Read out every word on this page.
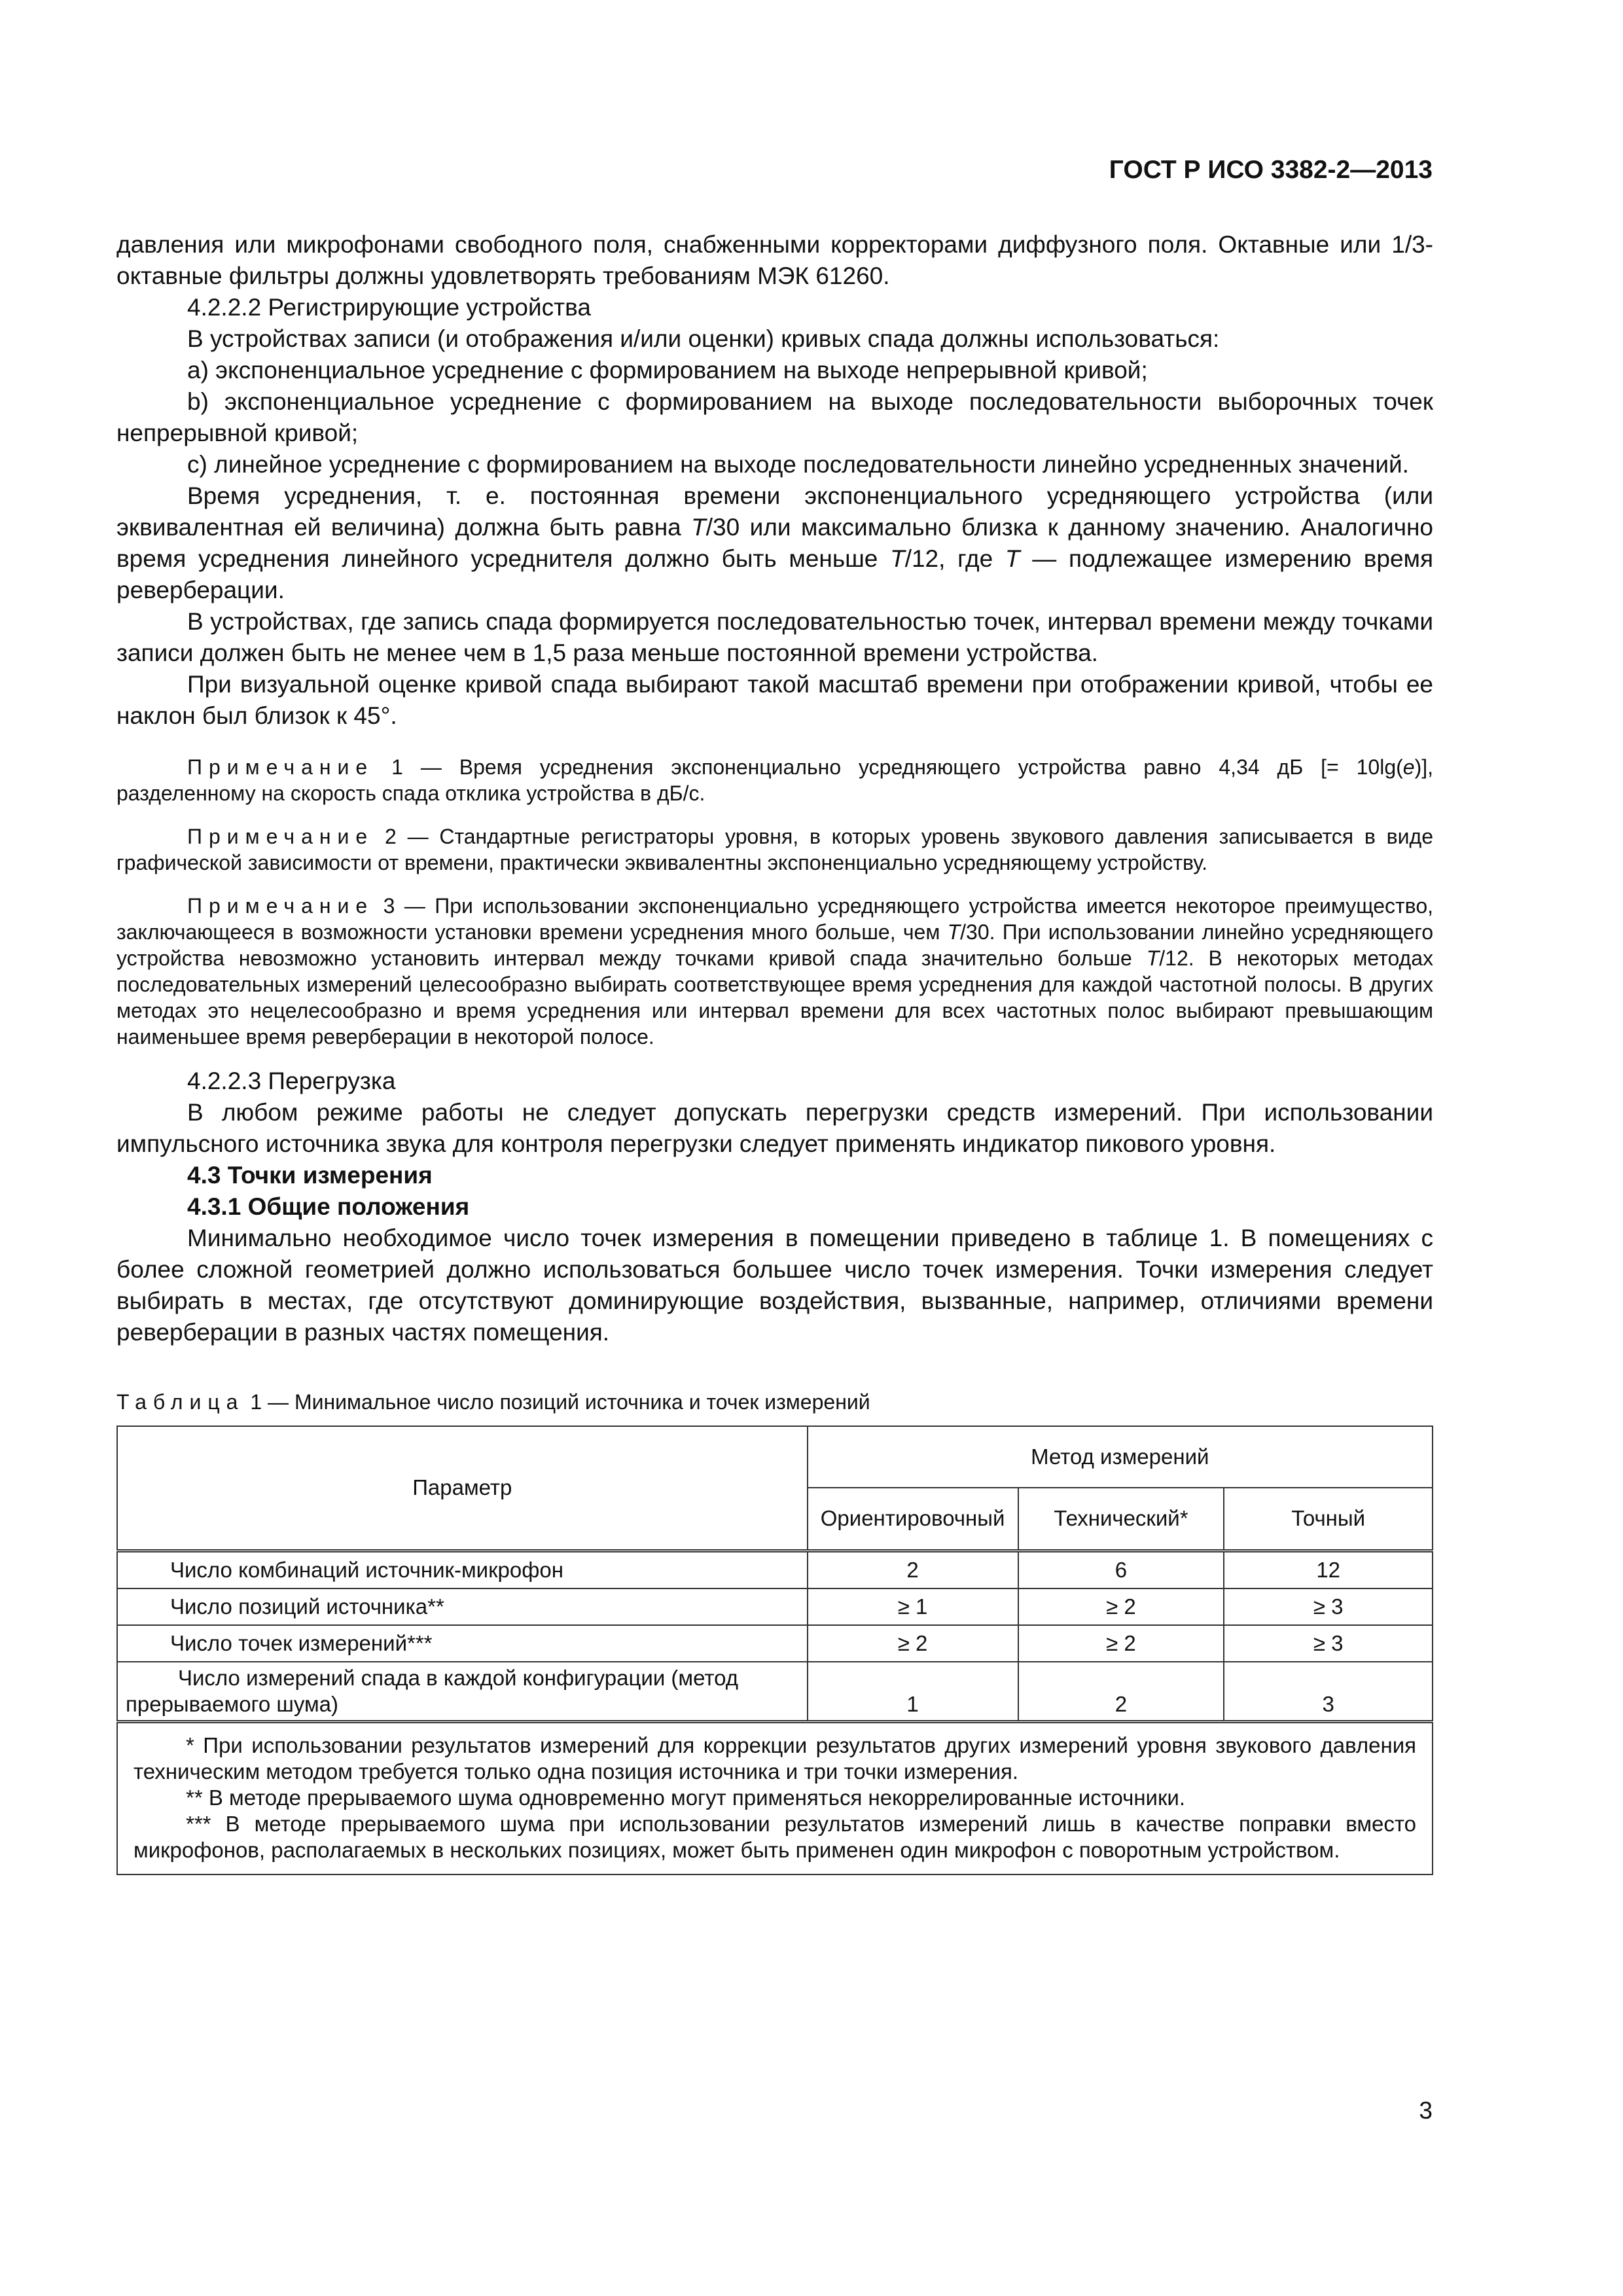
ГОСТ Р ИСО 3382-2—2013

давления или микрофонами свободного поля, снабженными корректорами диффузного поля. Октавные или 1/3-октавные фильтры должны удовлетворять требованиям МЭК 61260.

4.2.2.2 Регистрирующие устройства

В устройствах записи (и отображения и/или оценки) кривых спада должны использоваться:

a) экспоненциальное усреднение с формированием на выходе непрерывной кривой;

b) экспоненциальное усреднение с формированием на выходе последовательности выборочных точек непрерывной кривой;

c) линейное усреднение с формированием на выходе последовательности линейно усредненных значений.

Время усреднения, т. е. постоянная времени экспоненциального усредняющего устройства (или эквивалентная ей величина) должна быть равна T/30 или максимально близка к данному значению. Аналогично время усреднения линейного усреднителя должно быть меньше T/12, где T — подлежащее измерению время реверберации.

В устройствах, где запись спада формируется последовательностью точек, интервал времени между точками записи должен быть не менее чем в 1,5 раза меньше постоянной времени устройства.

При визуальной оценке кривой спада выбирают такой масштаб времени при отображении кривой, чтобы ее наклон был близок к 45°.

Примечание 1 — Время усреднения экспоненциально усредняющего устройства равно 4,34 дБ [= 10lg(e)], разделенному на скорость спада отклика устройства в дБ/с.

Примечание 2 — Стандартные регистраторы уровня, в которых уровень звукового давления записывается в виде графической зависимости от времени, практически эквивалентны экспоненциально усредняющему устройству.

Примечание 3 — При использовании экспоненциально усредняющего устройства имеется некоторое преимущество, заключающееся в возможности установки времени усреднения много больше, чем T/30. При использовании линейно усредняющего устройства невозможно установить интервал между точками кривой спада значительно больше T/12. В некоторых методах последовательных измерений целесообразно выбирать соответствующее время усреднения для каждой частотной полосы. В других методах это нецелесообразно и время усреднения или интервал времени для всех частотных полос выбирают превышающим наименьшее время реверберации в некоторой полосе.

4.2.2.3 Перегрузка

В любом режиме работы не следует допускать перегрузки средств измерений. При использовании импульсного источника звука для контроля перегрузки следует применять индикатор пикового уровня.

4.3 Точки измерения

4.3.1 Общие положения

Минимально необходимое число точек измерения в помещении приведено в таблице 1. В помещениях с более сложной геометрией должно использоваться большее число точек измерения. Точки измерения следует выбирать в местах, где отсутствуют доминирующие воздействия, вызванные, например, отличиями времени реверберации в разных частях помещения.

Таблица 1 — Минимальное число позиций источника и точек измерений

Параметр	Метод измерений		
	Ориентировочный	Технический*	Точный
Число комбинаций источник-микрофон	2	6	12
Число позиций источника**	≥ 1	≥ 2	≥ 3
Число точек измерений***	≥ 2	≥ 2	≥ 3
Число измерений спада в каждой конфигурации (метод прерываемого шума)	1	2	3

* При использовании результатов измерений для коррекции результатов других измерений уровня звукового давления техническим методом требуется только одна позиция источника и три точки измерения.

** В методе прерываемого шума одновременно могут применяться некоррелированные источники.

*** В методе прерываемого шума при использовании результатов измерений лишь в качестве поправки вместо микрофонов, располагаемых в нескольких позициях, может быть применен один микрофон с поворотным устройством.			

3
